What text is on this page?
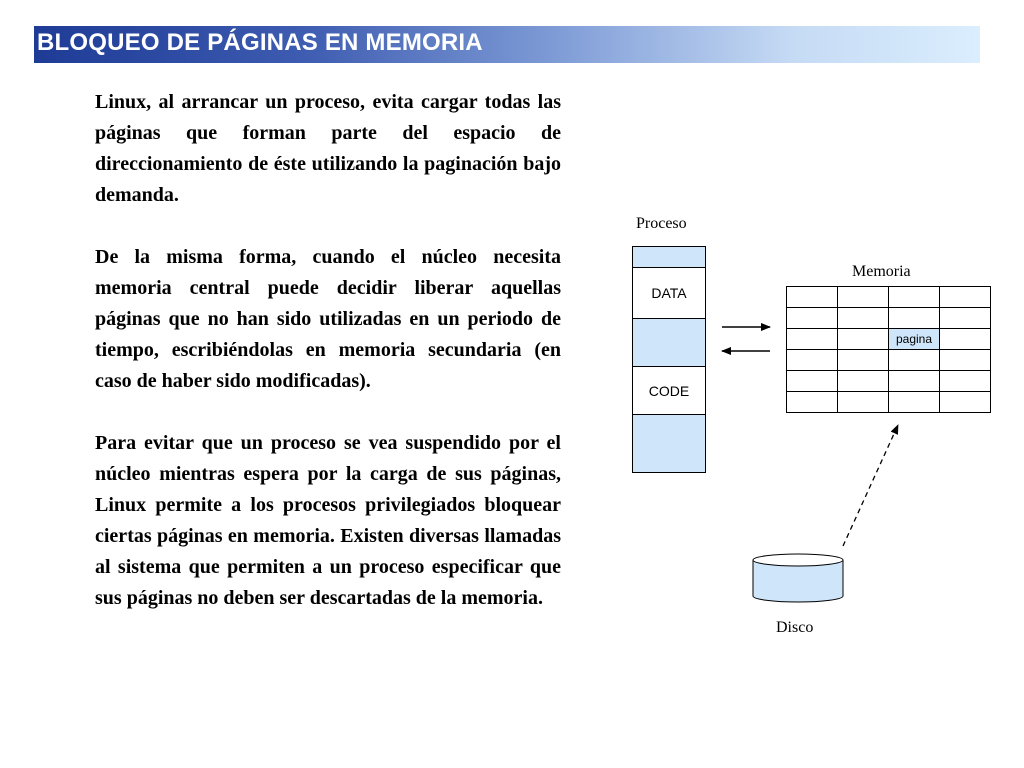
BLOQUEO DE PÁGINAS EN MEMORIA

Linux, al arrancar un proceso, evita cargar todas las páginas que forman parte del espacio de direccionamiento de éste utilizando la paginación bajo demanda.

De la misma forma, cuando el núcleo necesita memoria central puede decidir liberar aquellas páginas que no han sido utilizadas en un periodo de tiempo, escribiéndolas en memoria secundaria (en caso de haber sido modificadas).

Para evitar que un proceso se vea suspendido por el núcleo mientras espera por la carga de sus páginas, Linux permite a los procesos privilegiados bloquear ciertas páginas en memoria. Existen diversas llamadas al sistema que permiten a un proceso especificar que sus páginas no deben ser descartadas de la memoria.

Proceso
DATA
CODE
Memoria

		pagina	

Disco
